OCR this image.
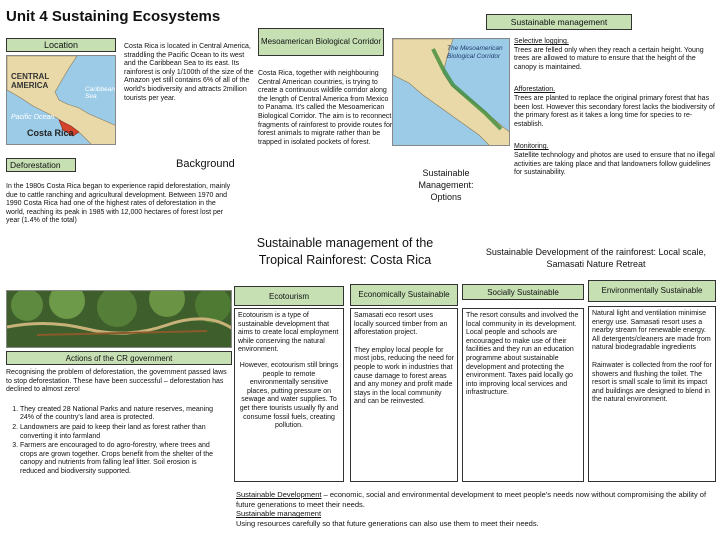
Unit 4 Sustaining Ecosystems	Sustainable management
Location
CENTRAL AMERICA	Caribbean Sea
Pacific Ocean
Costa Rica
Costa Rica is located in Central America, straddling the Pacific Ocean to its west and the Caribbean Sea to its east. Its rainforest is only 1/100th of the size of the Amazon yet still contains 6% of all of the world's biodiversity and attracts 2million tourists per year.
Mesoamerican Biological Corridor
Costa Rica, together with neighbouring Central American countries, is trying to create a continuous wildlife corridor along the length of Central America from Mexico to Panama. It's called the Mesoamerican Biological Corridor. The aim is to reconnect fragments of rainforest to provide routes for forest animals to migrate rather than be trapped in isolated pockets of forest.
The Mesoamerican Biological Corridor
Deforestation	Background
In the 1980s Costa Rica began to experience rapid deforestation, mainly due to cattle ranching and agricultural development. Between 1970 and 1990 Costa Rica had one of the highest rates of deforestation in the world, reaching its peak in 1985 with 12,000 hectares of forest lost per year (1.4% of the total)
Sustainable Management: Options
Selective logging.
Trees are felled only when they reach a certain height. Young trees are allowed to mature to ensure that the height of the canopy is maintained.
Afforestation.
Trees are planted to replace the original primary forest that has been lost. However this secondary forest lacks the biodiversity of the primary forest as it takes a long time for species to re-establish.
Monitoring.
Satellite technology and photos are used to ensure that no illegal activities are taking place and that landowners follow guidelines for sustainability.
Sustainable management of the Tropical Rainforest: Costa Rica
Sustainable Development of the rainforest: Local scale, Samasati Nature Retreat
Ecotourism
Ecotourism is a type of sustainable development that aims to create local employment while conserving the natural environment.
However, ecotourism still brings people to remote environmentally sensitive places, putting pressure on sewage and water supplies. To get there tourists usually fly and consume fossil fuels, creating pollution.
Actions of the CR government
Recognising the problem of deforestation, the government passed laws to stop deforestation. These have been successful – deforestation has declined to almost zero!
1. They created 28 National Parks and nature reserves, meaning 24% of the country's land area is protected.
2. Landowners are paid to keep their land as forest rather than converting it into farmland
3. Farmers are encouraged to do agro-forestry, where trees and crops are grown together. Crops benefit from the shelter of the canopy and nutrients from falling leaf litter. Soil erosion is reduced and biodiversity supported.
Economically Sustainable
Samasati eco resort uses locally sourced timber from an afforestation project.
They employ local people for most jobs, reducing the need for people to work in industries that cause damage to forest areas and any money and profit made stays in the local community and can be reinvested.
Socially Sustainable
The resort consults and involved the local community in its development. Local people and schools are encouraged to make use of their facilities and they run an education programme about sustainable development and protecting the environment. Taxes paid locally go into improving local services and infrastructure.
Environmentally Sustainable
Natural light and ventilation minimise energy use. Samasati resort uses a nearby stream for renewable energy. All detergents/cleaners are made from natural biodegradable ingredients
Rainwater is collected from the roof for showers and flushing the toilet. The resort is small scale to limit its impact and buildings are designed to blend in the natural environment.
Sustainable Development – economic, social and environmental development to meet people's needs now without compromising the ability of future generations to meet their needs.
Sustainable management
Using resources carefully so that future generations can also use them to meet their needs.
